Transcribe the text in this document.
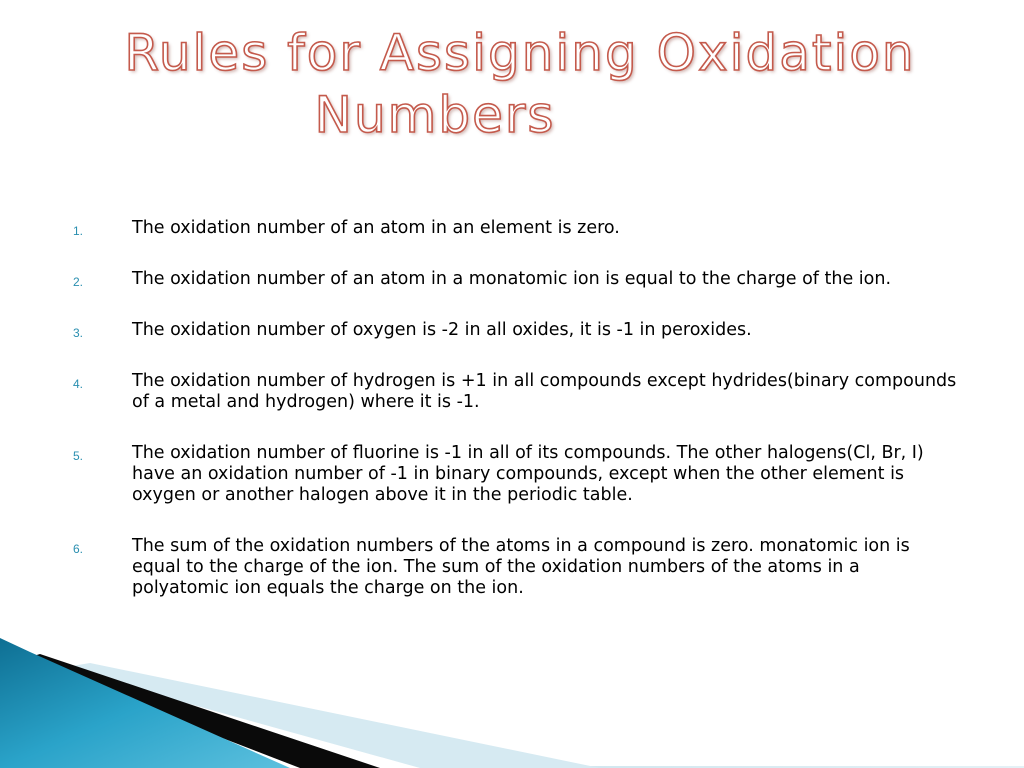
Rules for Assigning Oxidation
Numbers
1.	The oxidation number of an atom in an element is zero.
2.	The oxidation number of an atom in a monatomic ion is equal to the charge of the ion.
3.	The oxidation number of oxygen is -2 in all oxides, it is -1 in peroxides.
4.	The oxidation number of hydrogen is +1 in all compounds except hydrides(binary compounds of a metal and hydrogen) where it is -1.
5.	The oxidation number of fluorine is -1 in all of its compounds. The other halogens(Cl, Br, I) have an oxidation number of -1 in binary compounds, except when the other element is oxygen or another halogen above it in the periodic table.
6.	The sum of the oxidation numbers of the atoms in a compound is zero. monatomic ion is equal to the charge of the ion. The sum of the oxidation numbers of the atoms in a polyatomic ion equals the charge on the ion.
